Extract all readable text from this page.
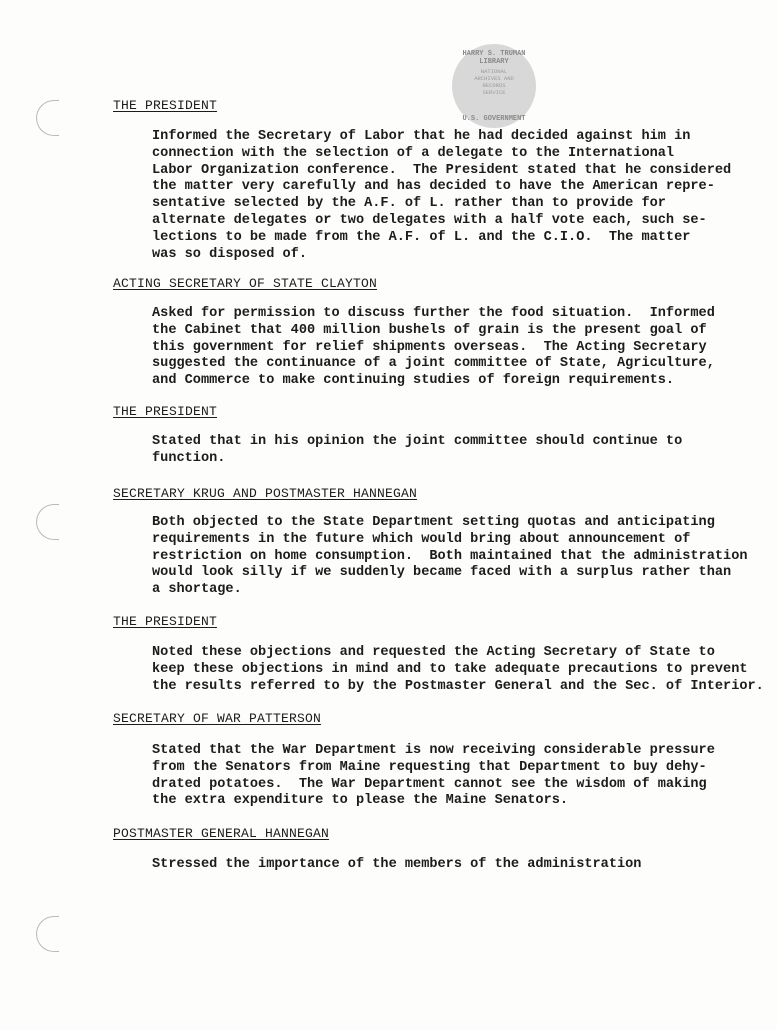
HARRY S. TRUMAN LIBRARY
NATIONAL
ARCHIVES AND
RECORDS
SERVICE
U.S. GOVERNMENT
THE PRESIDENT
Informed the Secretary of Labor that he had decided against him in
connection with the selection of a delegate to the International
Labor Organization conference.  The President stated that he considered
the matter very carefully and has decided to have the American repre-
sentative selected by the A.F. of L. rather than to provide for
alternate delegates or two delegates with a half vote each, such se-
lections to be made from the A.F. of L. and the C.I.O.  The matter
was so disposed of.
ACTING SECRETARY OF STATE CLAYTON
Asked for permission to discuss further the food situation.  Informed
the Cabinet that 400 million bushels of grain is the present goal of
this government for relief shipments overseas.  The Acting Secretary
suggested the continuance of a joint committee of State, Agriculture,
and Commerce to make continuing studies of foreign requirements.
THE PRESIDENT
Stated that in his opinion the joint committee should continue to
function.
SECRETARY KRUG AND POSTMASTER HANNEGAN
Both objected to the State Department setting quotas and anticipating
requirements in the future which would bring about announcement of
restriction on home consumption.  Both maintained that the administration
would look silly if we suddenly became faced with a surplus rather than
a shortage.
THE PRESIDENT
Noted these objections and requested the Acting Secretary of State to
keep these objections in mind and to take adequate precautions to prevent
the results referred to by the Postmaster General and the Sec. of Interior.
SECRETARY OF WAR PATTERSON
Stated that the War Department is now receiving considerable pressure
from the Senators from Maine requesting that Department to buy dehy-
drated potatoes.  The War Department cannot see the wisdom of making
the extra expenditure to please the Maine Senators.
POSTMASTER GENERAL HANNEGAN
Stressed the importance of the members of the administration
